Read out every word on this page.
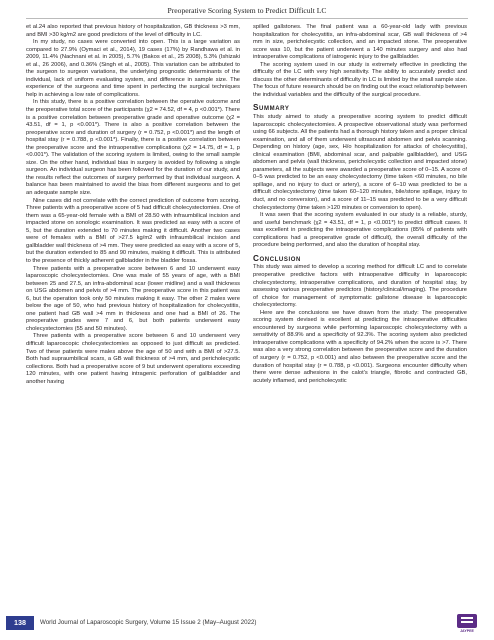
Preoperative Scoring System to Predict Difficult LC

et al.24 also reported that previous history of hospitalization, GB thickness >3 mm, and BMI >30 kg/m2 are good predictors of the level of difficulty in LC.

In my study, no cases were converted into open. This is a large variation as compared to 27.9% (Oymaci et al., 2014), 19 cases (17%) by Randhawa et al. in 2009, 11.4% (Nachnani et al. in 2005), 5.7% (Bakos et al., 25 2008), 5.3% (Ishizaki et al., 26 2006), and 0.36% (Singh et al., 2005). This variation can be attributed to the surgeon to surgeon variations, the underlying prognostic determinants of the individual, lack of uniform evaluating system, and difference in sample size. The experience of the surgeons and time spent in perfecting the surgical techniques help in achieving a low rate of complications.

In this study, there is a positive correlation between the operative outcome and the preoperative total score of the participants (χ2 = 74.52, df = 4, p <0.001*). There is a positive correlation between preoperative grade and operative outcome (χ2 = 43.51, df = 1, p <0.001*). There is also a positive correlation between the preoperative score and duration of surgery (r = 0.752, p <0.001*) and the length of hospital stay (r = 0.788, p <0.001*). Finally, there is a positive correlation between the preoperative score and the intraoperative complications (χ2 = 14.75, df = 1, p <0.001*). The validation of the scoring system is limited, owing to the small sample size. On the other hand, individual bias in surgery is avoided by following a single surgeon. An individual surgeon has been followed for the duration of our study, and the results reflect the outcomes of surgery performed by that individual surgeon. A balance has been maintained to avoid the bias from different surgeons and to get an adequate sample size.

Nine cases did not correlate with the correct prediction of outcome from scoring. Three patients with a preoperative score of 5 had difficult cholecystectomies. One of them was a 65-year-old female with a BMI of 28.50 with infraumbilical incision and impacted stone on sonologic examination. It was predicted as easy with a score of 5, but the duration extended to 70 minutes making it difficult. Another two cases were of females with a BMI of >27.5 kg/m2 with infraumbilical incision and gallbladder wall thickness of >4 mm. They were predicted as easy with a score of 5, but the duration extended to 85 and 90 minutes, making it difficult. This is attributed to the presence of thickly adherent gallbladder in the bladder fossa.

Three patients with a preoperative score between 6 and 10 underwent easy laparoscopic cholecystectomies. One was male of 55 years of age, with a BMI between 25 and 27.5, an infra-abdominal scar (lower midline) and a wall thickness on USG abdomen and pelvis of >4 mm. The preoperative score in this patient was 6, but the operation took only 50 minutes making it easy. The other 2 males were below the age of 50, who had previous history of hospitalization for cholecystitis, one patient had GB wall >4 mm in thickness and one had a BMI of 26. The preoperative grades were 7 and 6, but both patients underwent easy cholecystectomies (55 and 50 minutes).

Three patients with a preoperative score between 6 and 10 underwent very difficult laparoscopic cholecystectomies as opposed to just difficult as predicted. Two of these patients were males above the age of 50 and with a BMI of >27.5. Both had supraumbilical scars, a GB wall thickness of >4 mm, and pericholecystic collections. Both had a preoperative score of 9 but underwent operations exceeding 120 minutes, with one patient having intragenic perforation of gallbladder and another having

spilled gallstones. The final patient was a 60-year-old lady with previous hospitalization for cholecystitis, an infra-abdominal scar, GB wall thickness of >4 mm in size, pericholecystic collection, and an impacted stone. The preoperative score was 10, but the patient underwent a 140 minutes surgery and also had intraoperative complications of iatrogenic injury to the gallbladder.

The scoring system used in our study is extremely effective in predicting the difficulty of the LC with very high sensitivity. The ability to accurately predict and discuss the other determinants of difficulty in LC is limited by the small sample size. The focus of future research should be on finding out the exact relationship between the individual variables and the difficulty of the surgical procedure.

Summary

This study aimed to study a preoperative scoring system to predict difficult laparoscopic cholecystectomies. A prospective observational study was performed using 66 subjects. All the patients had a thorough history taken and a proper clinical examination, and all of them underwent ultrasound abdomen and pelvis scanning. Depending on history (age, sex, H/o hospitalization for attacks of cholecystitis), clinical examination (BMI, abdominal scar, and palpable gallbladder), and USG abdomen and pelvis (wall thickness, pericholecystic collection and impacted stone) parameters, all the subjects were awarded a preoperative score of 0–15. A score of 0–5 was predicted to be an easy cholecystectomy (time taken <60 minutes, no bile spillage, and no injury to duct or artery), a score of 6–10 was predicted to be a difficult cholecystectomy (time taken 60–120 minutes, bile/stone spillage, injury to duct, and no conversion), and a score of 11–15 was predicted to be a very difficult cholecystectomy (time taken >120 minutes or conversion to open).

It was seen that the scoring system evaluated in our study is a reliable, sturdy, and useful benchmark (χ2 = 43.51, df = 1, p <0.001*) to predict difficult cases. It was excellent in predicting the intraoperative complications (85% of patients with complications had a preoperative grade of difficult), the overall difficulty of the procedure being performed, and also the duration of hospital stay.

Conclusion

This study was aimed to develop a scoring method for difficult LC and to correlate preoperative predictive factors with intraoperative difficulty in laparoscopic cholecystectomy, intraoperative complications, and duration of hospital stay, by assessing various preoperative predictors (history/clinical/imaging). The procedure of choice for management of symptomatic gallstone disease is laparoscopic cholecystectomy.

Here are the conclusions we have drawn from the study: The preoperative scoring system devised is excellent at predicting the intraoperative difficulties encountered by surgeons while performing laparoscopic cholecystectomy with a sensitivity of 88.9% and a specificity of 92.3%. The scoring system also predicted intraoperative complications with a specificity of 94.2% when the score is >7. There was also a very strong correlation between the preoperative score and the duration of surgery (r = 0.752, p <0.001) and also between the preoperative score and the duration of hospital stay (r = 0.788, p <0.001). Surgeons encounter difficulty when there were dense adhesions in the calot's triangle, fibrotic and contracted GB, acutely inflamed, and pericholecystic

138	World Journal of Laparoscopic Surgery, Volume 15 Issue 2 (May–August 2022)
JAYPEE
